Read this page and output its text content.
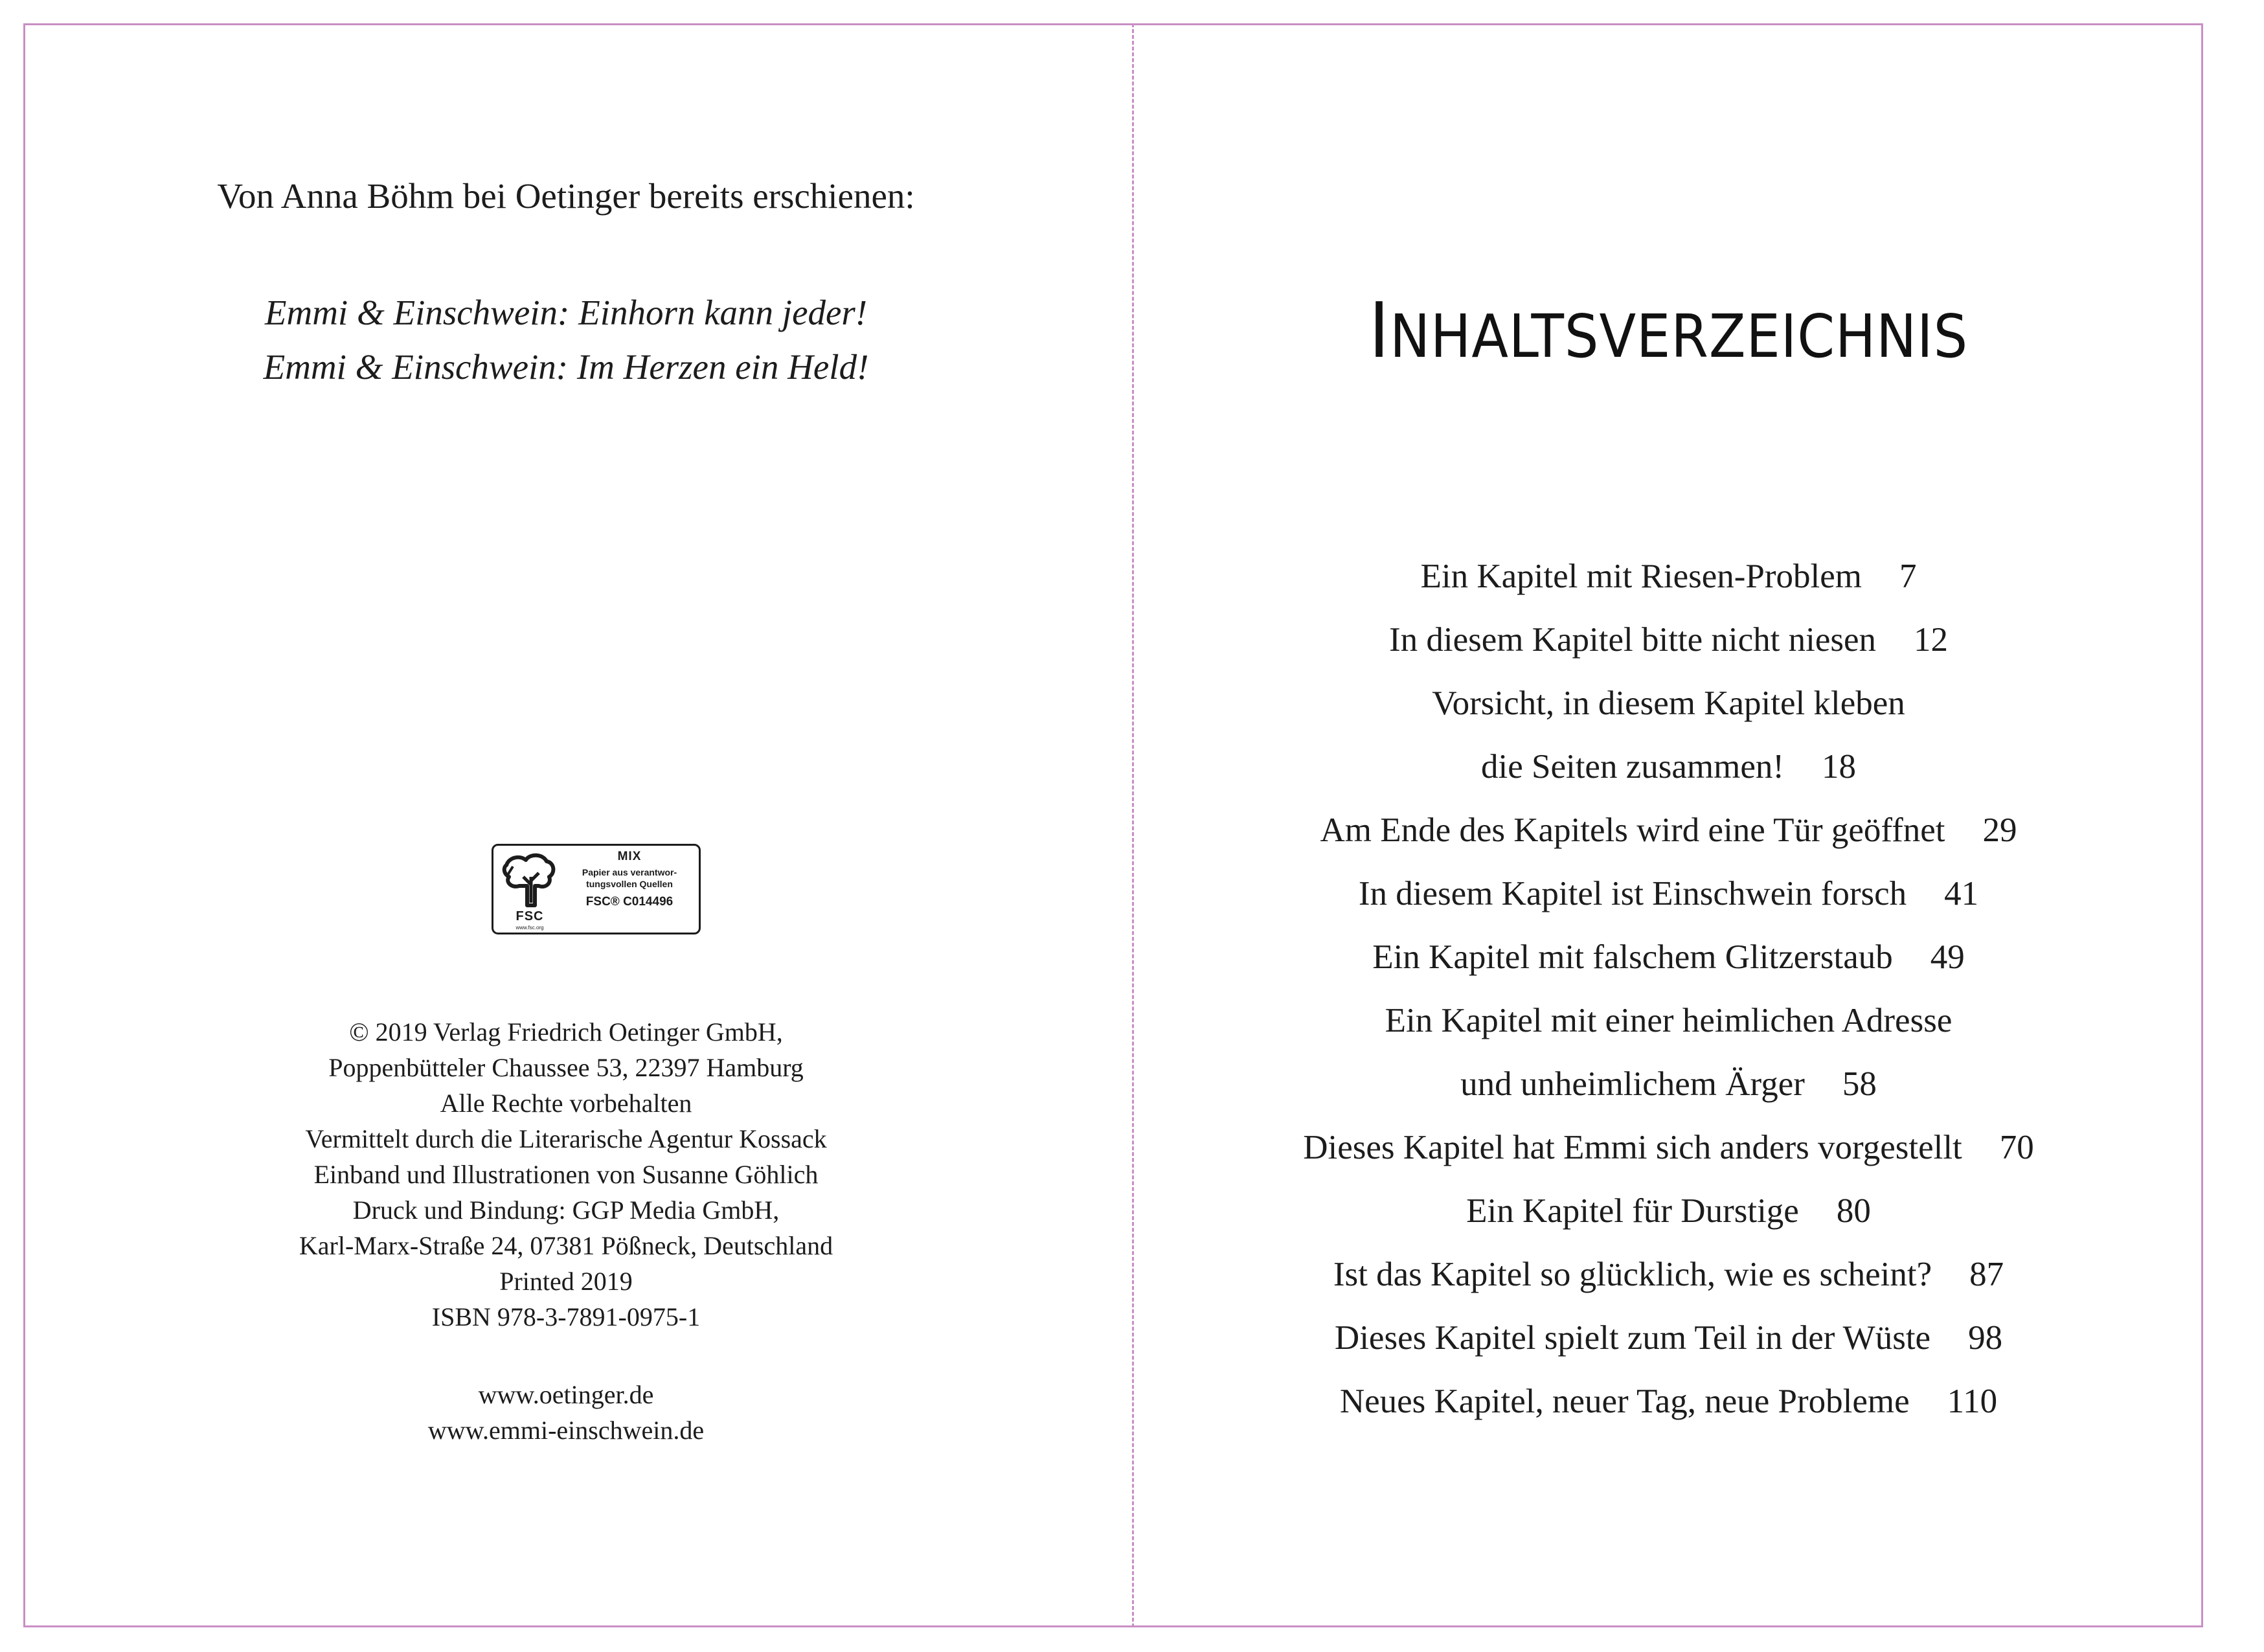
Von Anna Böhm bei Oetinger bereits erschienen:
Emmi & Einschwein: Einhorn kann jeder!
Emmi & Einschwein: Im Herzen ein Held!
FSC
www.fsc.org
MIX
Papier aus verantwor-
tungsvollen Quellen
FSC® C014496
© 2019 Verlag Friedrich Oetinger GmbH,
Poppenbütteler Chaussee 53, 22397 Hamburg
Alle Rechte vorbehalten
Vermittelt durch die Literarische Agentur Kossack
Einband und Illustrationen von Susanne Göhlich
Druck und Bindung: GGP Media GmbH,
Karl-Marx-Straße 24, 07381 Pößneck, Deutschland
Printed 2019
ISBN 978-3-7891-0975-1
www.oetinger.de
www.emmi-einschwein.de
INHALTSVERZEICHNIS
Ein Kapitel mit Riesen-Problem 7
In diesem Kapitel bitte nicht niesen 12
Vorsicht, in diesem Kapitel kleben
die Seiten zusammen! 18
Am Ende des Kapitels wird eine Tür geöffnet 29
In diesem Kapitel ist Einschwein forsch 41
Ein Kapitel mit falschem Glitzerstaub 49
Ein Kapitel mit einer heimlichen Adresse
und unheimlichem Ärger 58
Dieses Kapitel hat Emmi sich anders vorgestellt 70
Ein Kapitel für Durstige 80
Ist das Kapitel so glücklich, wie es scheint? 87
Dieses Kapitel spielt zum Teil in der Wüste 98
Neues Kapitel, neuer Tag, neue Probleme 110
